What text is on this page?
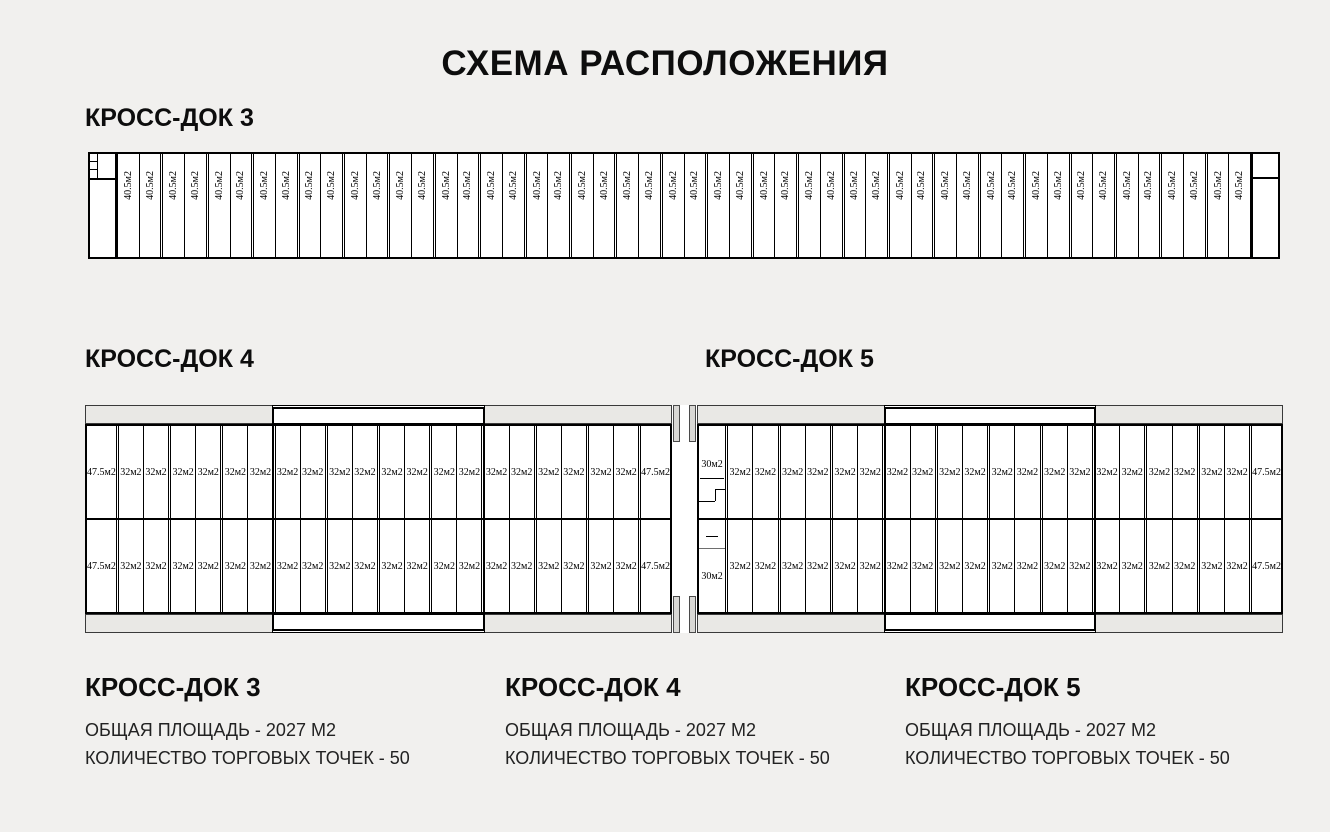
СХЕМА РАСПОЛОЖЕНИЯ
КРОСС-ДОК 3
40.5м2 40.5м2 40.5м2 40.5м2 40.5м2 40.5м2 40.5м2 40.5м2 40.5м2 40.5м2 40.5м2 40.5м2 40.5м2 40.5м2 40.5м2 40.5м2 40.5м2 40.5м2 40.5м2 40.5м2 40.5м2 40.5м2 40.5м2 40.5м2 40.5м2 40.5м2 40.5м2 40.5м2 40.5м2 40.5м2 40.5м2 40.5м2 40.5м2 40.5м2 40.5м2 40.5м2 40.5м2 40.5м2 40.5м2 40.5м2 40.5м2 40.5м2 40.5м2 40.5м2 40.5м2 40.5м2 40.5м2 40.5м2 40.5м2 40.5м2
КРОСС-ДОК 4	КРОСС-ДОК 5
47.5м2 32м2 32м2 32м2 32м2 32м2 32м2 32м2 32м2 32м2 32м2 32м2 32м2 32м2 32м2 32м2 32м2 32м2 32м2 32м2 32м2 47.5м2
47.5м2 32м2 32м2 32м2 32м2 32м2 32м2 32м2 32м2 32м2 32м2 32м2 32м2 32м2 32м2 32м2 32м2 32м2 32м2 32м2 32м2 47.5м2
30м2
32м2 32м2 32м2 32м2 32м2 32м2 32м2 32м2 32м2 32м2 32м2 32м2 32м2 32м2 32м2 32м2 32м2 32м2 32м2 32м2 47.5м2
30м2
32м2 32м2 32м2 32м2 32м2 32м2 32м2 32м2 32м2 32м2 32м2 32м2 32м2 32м2 32м2 32м2 32м2 32м2 32м2 32м2 47.5м2
КРОСС-ДОК 3

ОБЩАЯ ПЛОЩАДЬ - 2027 М2 КОЛИЧЕСТВО ТОРГОВЫХ ТОЧЕК - 50

КРОСС-ДОК 4

ОБЩАЯ ПЛОЩАДЬ - 2027 М2 КОЛИЧЕСТВО ТОРГОВЫХ ТОЧЕК - 50

КРОСС-ДОК 5

ОБЩАЯ ПЛОЩАДЬ - 2027 М2 КОЛИЧЕСТВО ТОРГОВЫХ ТОЧЕК - 50
